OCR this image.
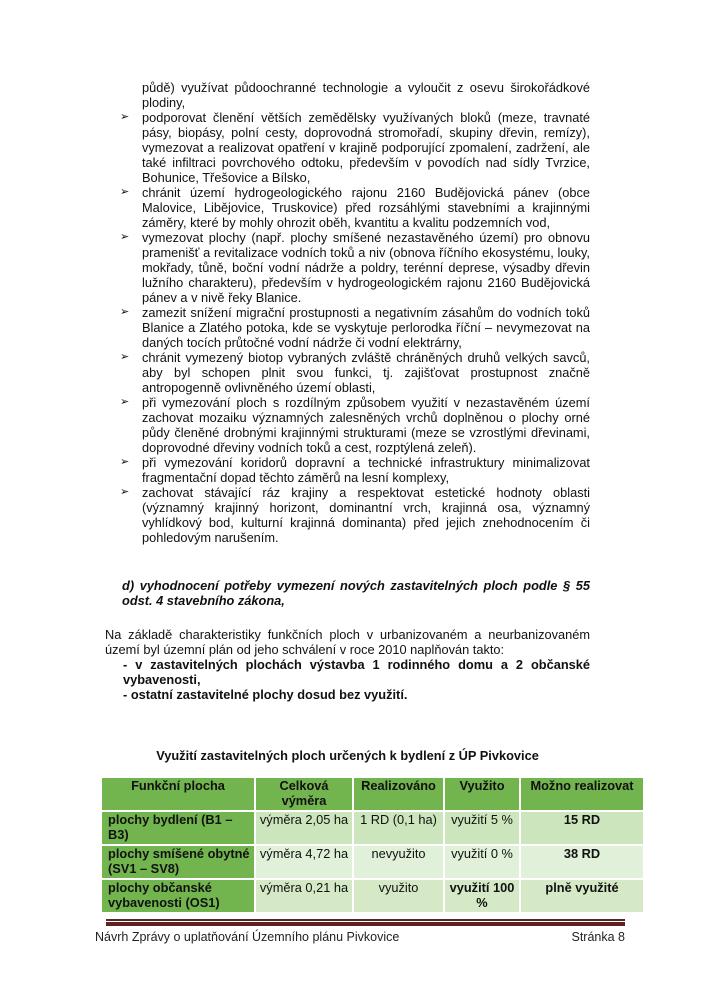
půdě) využívat půdoochranné technologie a vyloučit z osevu širokořádkové plodiny,
➢ podporovat členění větších zemědělsky využívaných bloků (meze, travnaté pásy, biopásy, polní cesty, doprovodná stromořadí, skupiny dřevin, remízy), vymezovat a realizovat opatření v krajině podporující zpomalení, zadržení, ale také infiltraci povrchového odtoku, především v povodích nad sídly Tvrzice, Bohunice, Třešovice a Bílsko,
➢ chránit území hydrogeologického rajonu 2160 Budějovická pánev (obce Malovice, Libějovice, Truskovice) před rozsáhlými stavebními a krajinnými záměry, které by mohly ohrozit oběh, kvantitu a kvalitu podzemních vod,
➢ vymezovat plochy (např. plochy smíšené nezastavěného území) pro obnovu pramenišť a revitalizace vodních toků a niv (obnova říčního ekosystému, louky, mokřady, tůně, boční vodní nádrže a poldry, terénní deprese, výsadby dřevin lužního charakteru), především v hydrogeologickém rajonu 2160 Budějovická pánev a v nivě řeky Blanice.
➢ zamezit snížení migrační prostupnosti a negativním zásahům do vodních toků Blanice a Zlatého potoka, kde se vyskytuje perlorodka říční – nevymezovat na daných tocích průtočné vodní nádrže či vodní elektrárny,
➢ chránit vymezený biotop vybraných zvláště chráněných druhů velkých savců, aby byl schopen plnit svou funkci, tj. zajišťovat prostupnost značně antropogenně ovlivněného území oblasti,
➢ při vymezování ploch s rozdílným způsobem využití v nezastavěném území zachovat mozaiku významných zalesněných vrchů doplněnou o plochy orné půdy členěné drobnými krajinnými strukturami (meze se vzrostlými dřevinami, doprovodné dřeviny vodních toků a cest, rozptýlená zeleň).
➢ při vymezování koridorů dopravní a technické infrastruktury minimalizovat fragmentační dopad těchto záměrů na lesní komplexy,
➢ zachovat stávající ráz krajiny a respektovat estetické hodnoty oblasti (významný krajinný horizont, dominantní vrch, krajinná osa, významný vyhlídkový bod, kulturní krajinná dominanta) před jejich znehodnocením či pohledovým narušením.
d) vyhodnocení potřeby vymezení nových zastavitelných ploch podle § 55 odst. 4 stavebního zákona,
Na základě charakteristiky funkčních ploch v urbanizovaném a neurbanizovaném území byl územní plán od jeho schválení v roce 2010 naplňován takto:
- v zastavitelných plochách výstavba 1 rodinného domu a 2 občanské vybavenosti,
- ostatní zastavitelné plochy dosud bez využití.
Využití zastavitelných ploch určených k bydlení z ÚP Pivkovice
Funkční plocha	Celková výměra	Realizováno	Využito	Možno realizovat
plochy bydlení (B1 – B3)	výměra 2,05 ha	1 RD (0,1 ha)	využití 5 %	15 RD
plochy smíšené obytné (SV1 – SV8)	výměra 4,72 ha	nevyužito	využití 0 %	38 RD
plochy občanské vybavenosti (OS1)	výměra 0,21 ha	využito	využití 100 %	plně využité
Návrh Zprávy o uplatňování Územního plánu Pivkovice	Stránka 8
